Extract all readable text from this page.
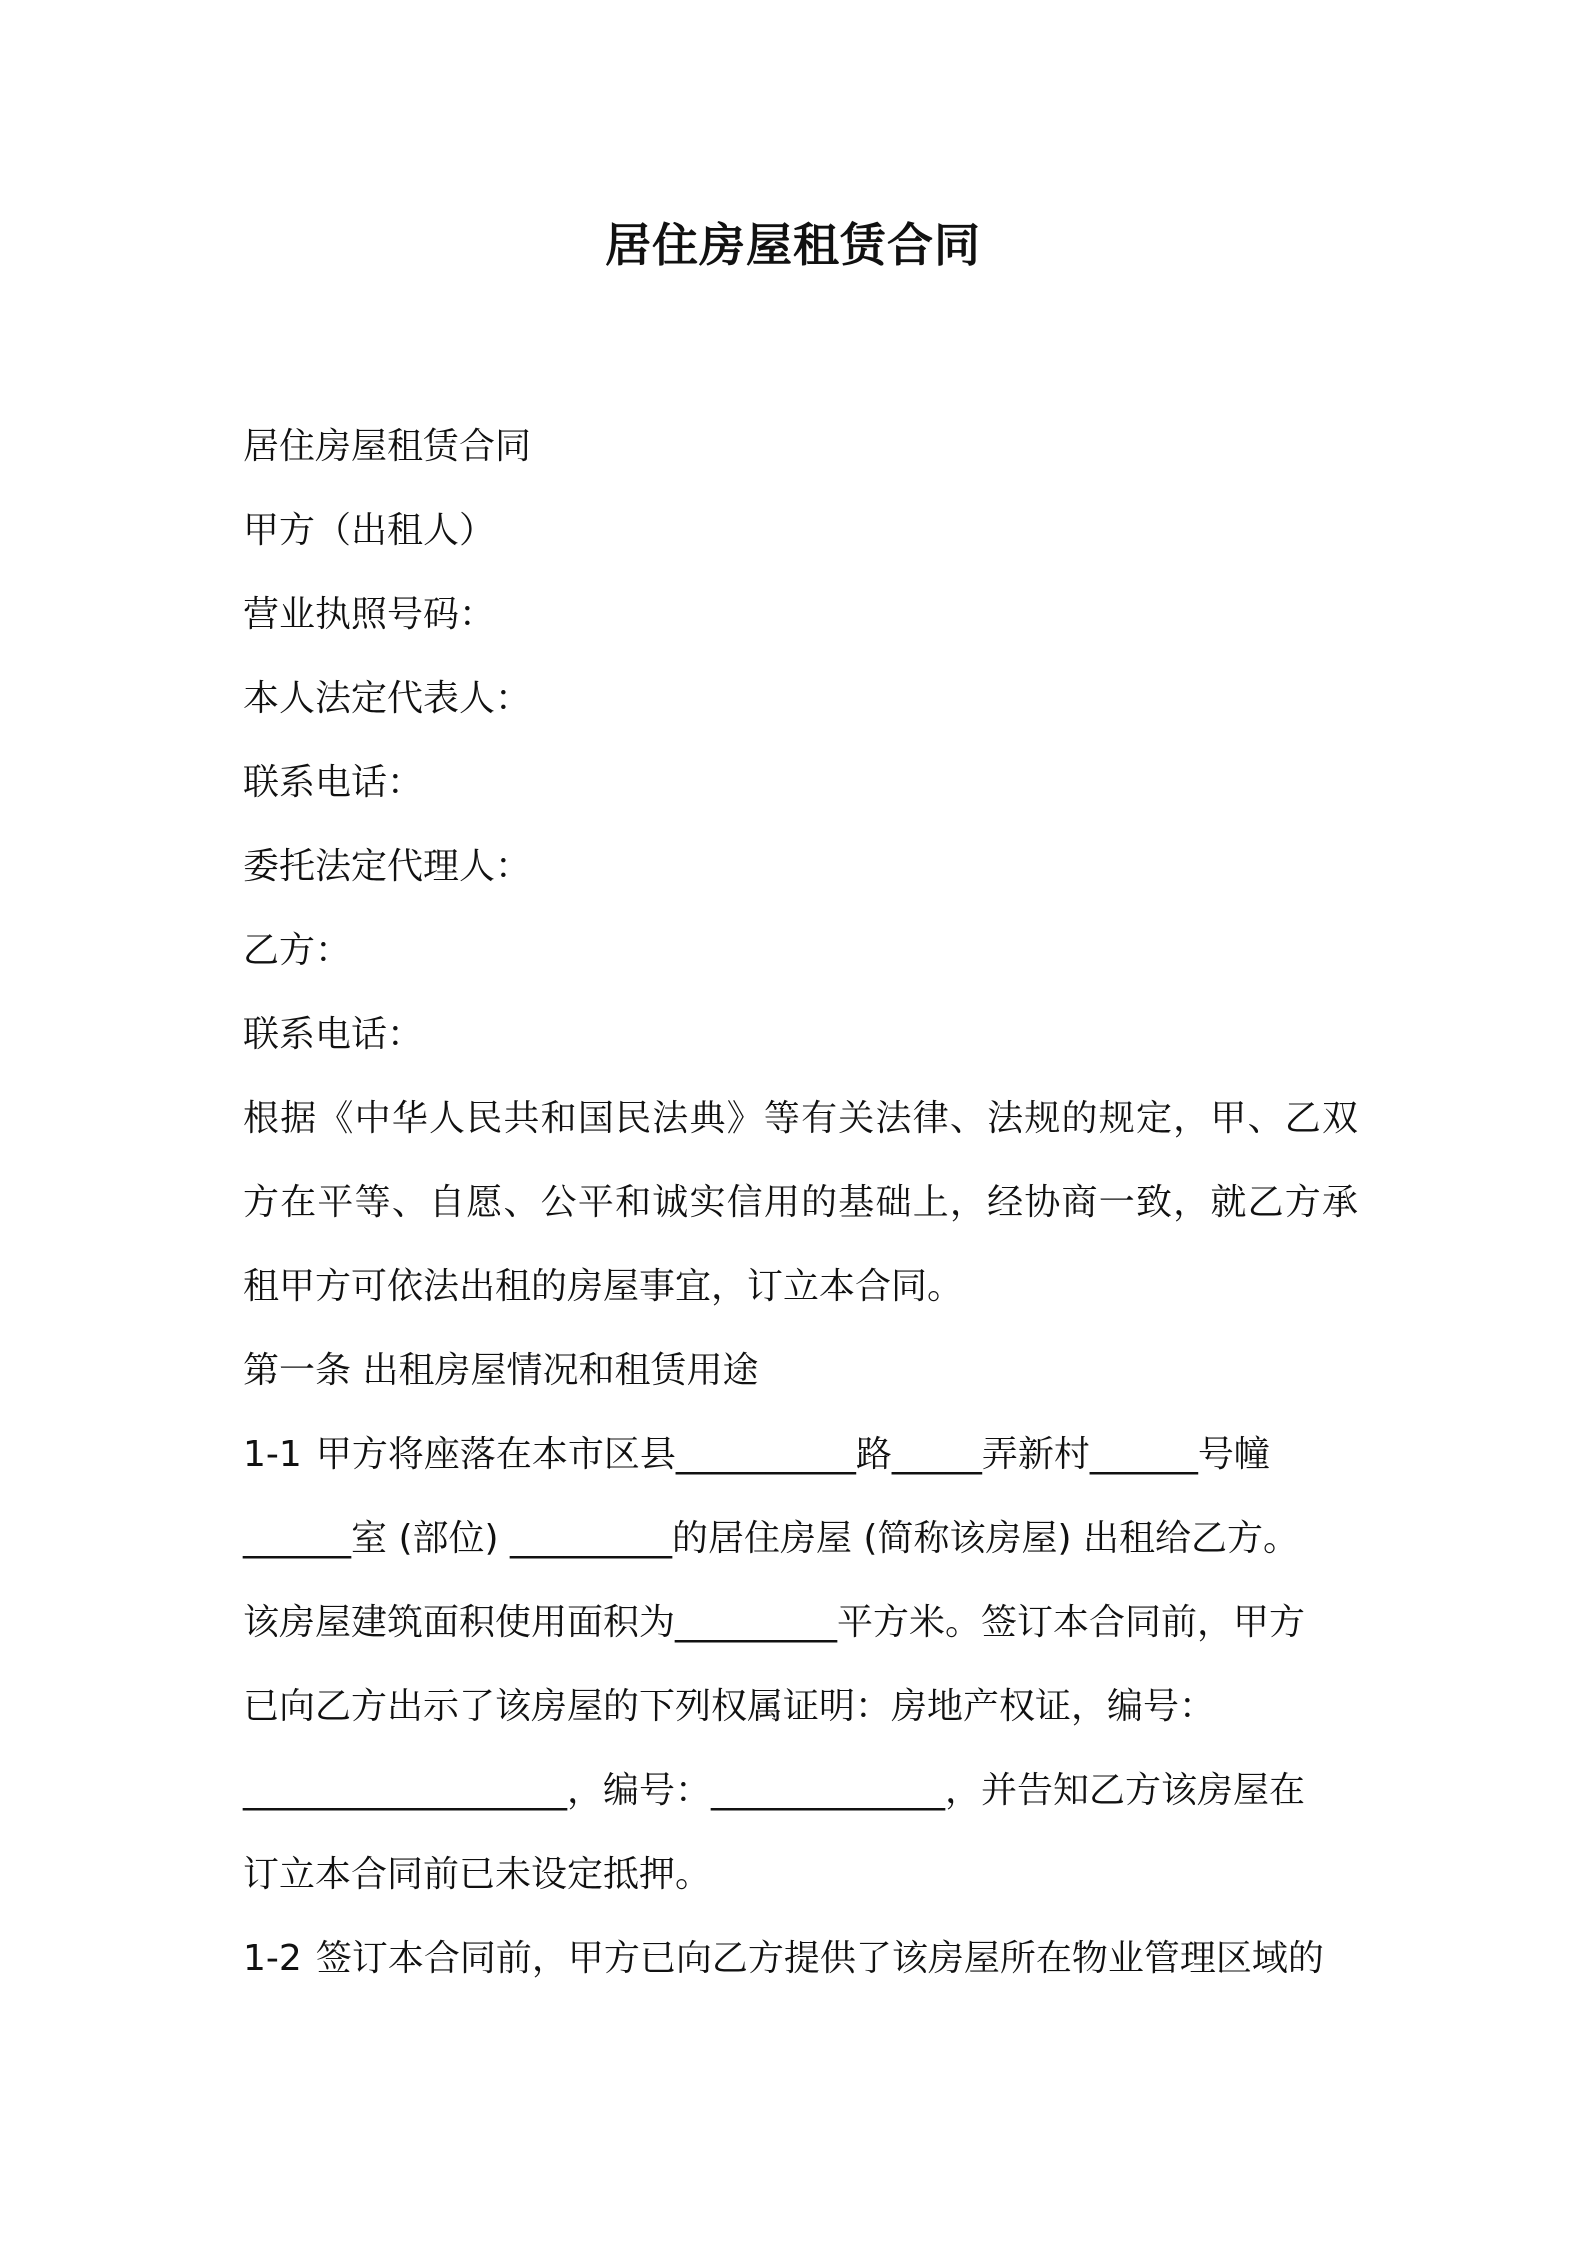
居住房屋租赁合同
居住房屋租赁合同
甲方（出租人）
营业执照号码：
本人法定代表人：
联系电话：
委托法定代理人：
乙方：
联系电话：
根据《中华人民共和国民法典》等有关法律、法规的规定，甲、乙双方在平等、自愿、公平和诚实信用的基础上，经协商一致，就乙方承租甲方可依法出租的房屋事宜，订立本合同。
第一条 出租房屋情况和租赁用途
1-1 甲方将座落在本市区县__________路_____弄新村______号幢
______室 (部位) _________的居住房屋 (简称该房屋) 出租给乙方。
该房屋建筑面积使用面积为_________平方米。签订本合同前，甲方
已向乙方出示了该房屋的下列权属证明：房地产权证，编号：
__________________，编号：_____________，并告知乙方该房屋在
订立本合同前已未设定抵押。
1-2 签订本合同前，甲方已向乙方提供了该房屋所在物业管理区域的
